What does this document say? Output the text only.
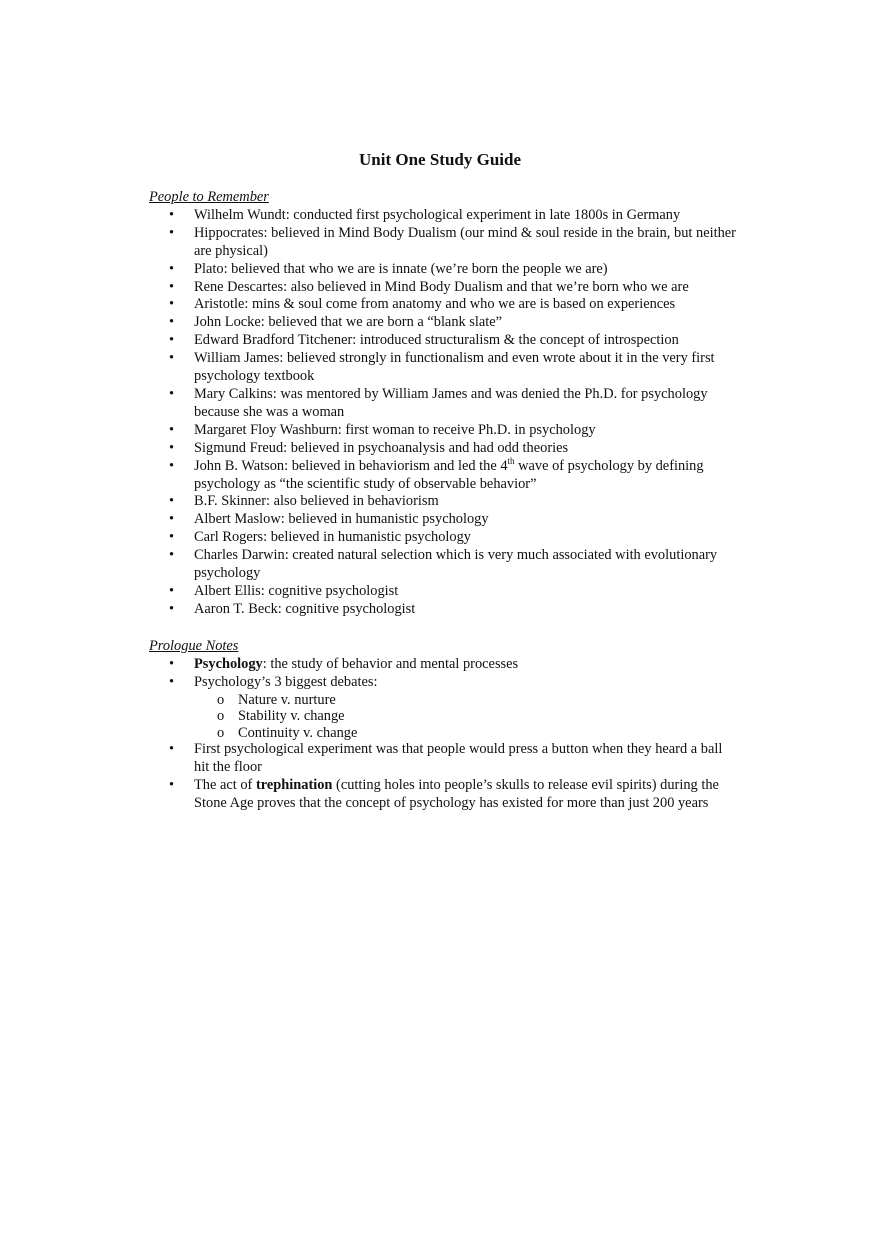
Unit One Study Guide

People to Remember

• Wilhelm Wundt: conducted first psychological experiment in late 1800s in Germany
• Hippocrates: believed in Mind Body Dualism (our mind & soul reside in the brain, but neither are physical)
• Plato: believed that who we are is innate (we’re born the people we are)
• Rene Descartes: also believed in Mind Body Dualism and that we’re born who we are
• Aristotle: mins & soul come from anatomy and who we are is based on experiences
• John Locke: believed that we are born a “blank slate”
• Edward Bradford Titchener: introduced structuralism & the concept of introspection
• William James: believed strongly in functionalism and even wrote about it in the very first psychology textbook
• Mary Calkins: was mentored by William James and was denied the Ph.D. for psychology because she was a woman
• Margaret Floy Washburn: first woman to receive Ph.D. in psychology
• Sigmund Freud: believed in psychoanalysis and had odd theories
• John B. Watson: believed in behaviorism and led the 4th wave of psychology by defining psychology as “the scientific study of observable behavior”
• B.F. Skinner: also believed in behaviorism
• Albert Maslow: believed in humanistic psychology
• Carl Rogers: believed in humanistic psychology
• Charles Darwin: created natural selection which is very much associated with evolutionary psychology
• Albert Ellis: cognitive psychologist
• Aaron T. Beck: cognitive psychologist

Prologue Notes

• Psychology: the study of behavior and mental processes
• Psychology’s 3 biggest debates:
o Nature v. nurture
o Stability v. change
o Continuity v. change
• First psychological experiment was that people would press a button when they heard a ball hit the floor
• The act of trephination (cutting holes into people’s skulls to release evil spirits) during the Stone Age proves that the concept of psychology has existed for more than just 200 years
